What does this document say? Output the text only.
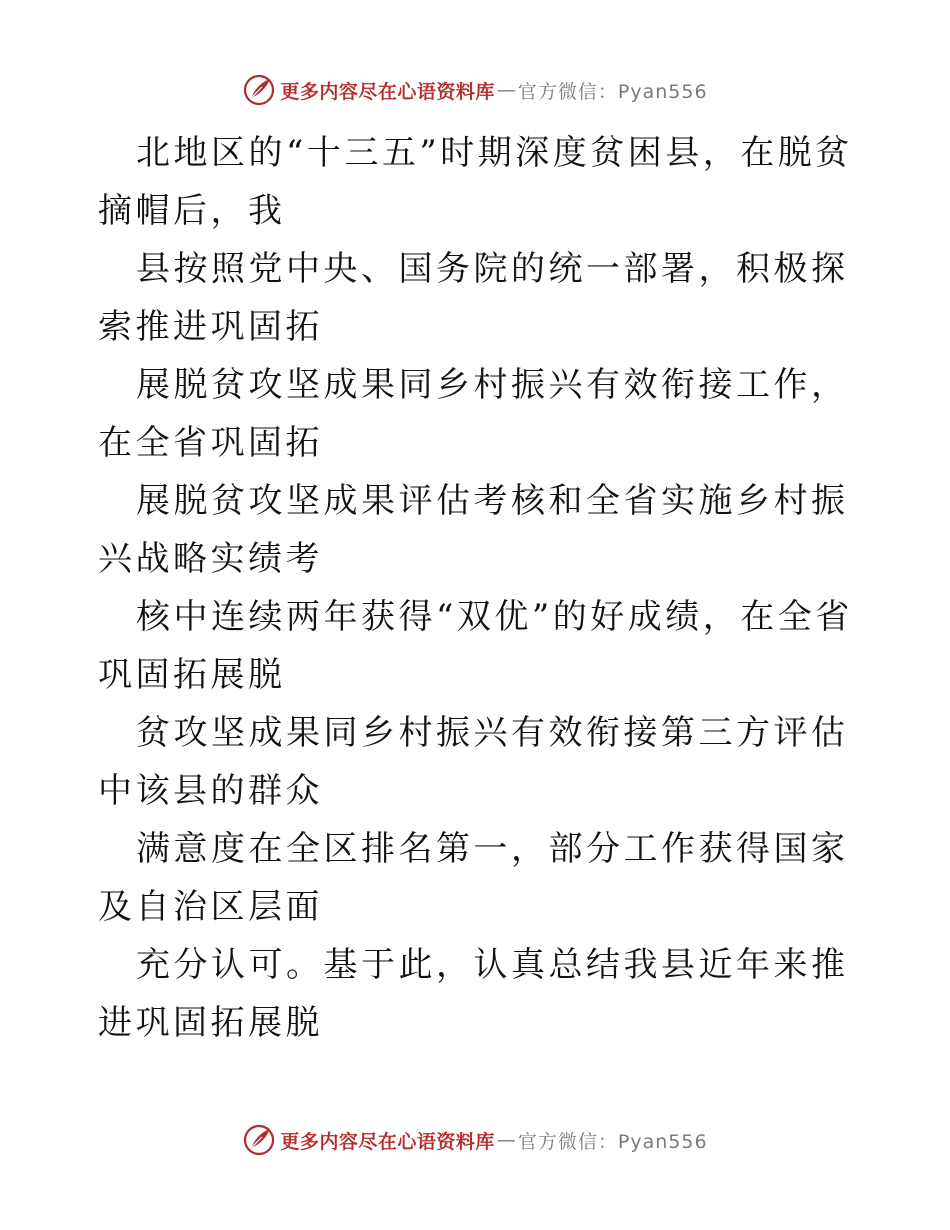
更多内容尽在心语资料库 — 官方微信：Pyan556

北地区的“十三五”时期深度贫困县，在脱贫摘帽后，我

县按照党中央、国务院的统一部署，积极探索推进巩固拓

展脱贫攻坚成果同乡村振兴有效衔接工作，在全省巩固拓

展脱贫攻坚成果评估考核和全省实施乡村振兴战略实绩考

核中连续两年获得“双优”的好成绩，在全省巩固拓展脱

贫攻坚成果同乡村振兴有效衔接第三方评估中该县的群众

满意度在全区排名第一，部分工作获得国家及自治区层面

充分认可。基于此，认真总结我县近年来推进巩固拓展脱

更多内容尽在心语资料库 — 官方微信：Pyan556
